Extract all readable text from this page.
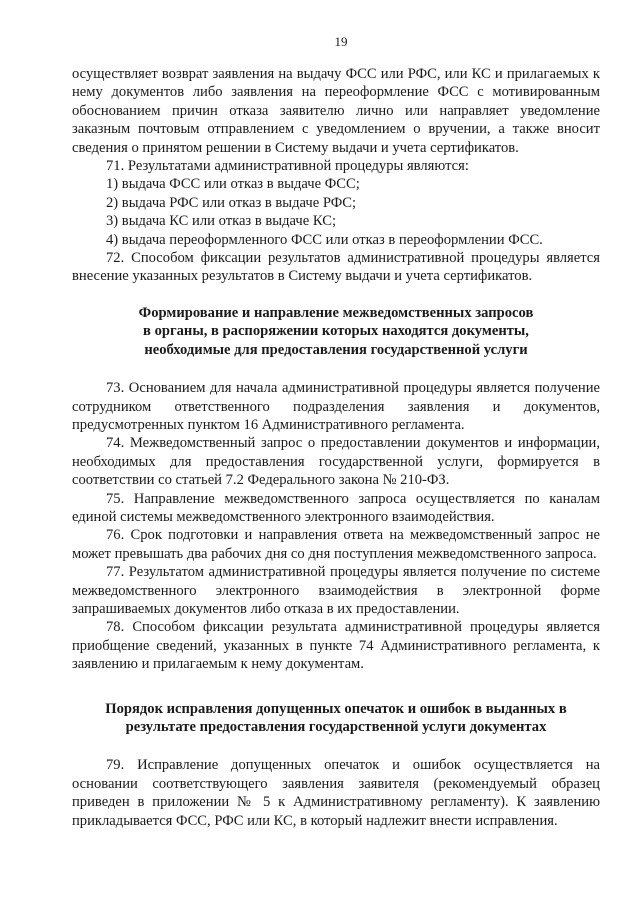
19

осуществляет возврат заявления на выдачу ФСС или РФС, или КС и прилагаемых к нему документов либо заявления на переоформление ФСС с мотивированным обоснованием причин отказа заявителю лично или направляет уведомление заказным почтовым отправлением с уведомлением о вручении, а также вносит сведения о принятом решении в Систему выдачи и учета сертификатов.

71. Результатами административной процедуры являются:

1) выдача ФСС или отказ в выдаче ФСС;

2) выдача РФС или отказ в выдаче РФС;

3) выдача КС или отказ в выдаче КС;

4) выдача переоформленного ФСС или отказ в переоформлении ФСС.

72. Способом фиксации результатов административной процедуры является внесение указанных результатов в Систему выдачи и учета сертификатов.

Формирование и направление межведомственных запросов
в органы, в распоряжении которых находятся документы,
необходимые для предоставления государственной услуги

73. Основанием для начала административной процедуры является получение сотрудником ответственного подразделения заявления и документов, предусмотренных пунктом 16 Административного регламента.

74. Межведомственный запрос о предоставлении документов и информации, необходимых для предоставления государственной услуги, формируется в соответствии со статьей 7.2 Федерального закона № 210-ФЗ.

75. Направление межведомственного запроса осуществляется по каналам единой системы межведомственного электронного взаимодействия.

76. Срок подготовки и направления ответа на межведомственный запрос не может превышать два рабочих дня со дня поступления межведомственного запроса.

77. Результатом административной процедуры является получение по системе межведомственного электронного взаимодействия в электронной форме запрашиваемых документов либо отказа в их предоставлении.

78. Способом фиксации результата административной процедуры является приобщение сведений, указанных в пункте 74 Административного регламента, к заявлению и прилагаемым к нему документам.

Порядок исправления допущенных опечаток и ошибок в выданных в
результате предоставления государственной услуги документах

79. Исправление допущенных опечаток и ошибок осуществляется на основании соответствующего заявления заявителя (рекомендуемый образец приведен в приложении № 5 к Административному регламенту). К заявлению прикладывается ФСС, РФС или КС, в который надлежит внести исправления.
